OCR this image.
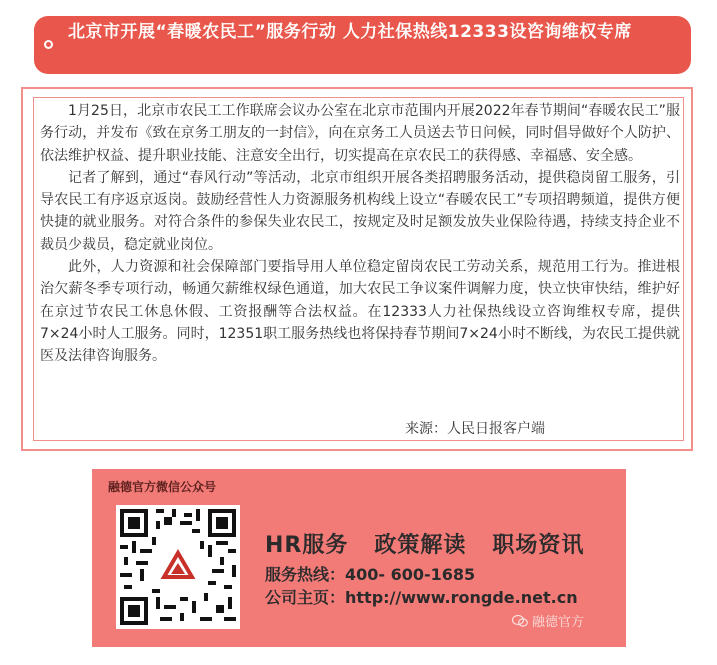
北京市开展“春暖农民工”服务行动 人力社保热线12333设咨询维权专席

1月25日，北京市农民工工作联席会议办公室在北京市范围内开展2022年春节期间“春暖农民工”服务行动，并发布《致在京务工朋友的一封信》，向在京务工人员送去节日问候，同时倡导做好个人防护、依法维护权益、提升职业技能、注意安全出行，切实提高在京农民工的获得感、幸福感、安全感。

记者了解到，通过“春风行动”等活动，北京市组织开展各类招聘服务活动，提供稳岗留工服务，引导农民工有序返京返岗。鼓励经营性人力资源服务机构线上设立“春暖农民工”专项招聘频道，提供方便快捷的就业服务。对符合条件的参保失业农民工，按规定及时足额发放失业保险待遇，持续支持企业不裁员少裁员，稳定就业岗位。

此外，人力资源和社会保障部门要指导用人单位稳定留岗农民工劳动关系，规范用工行为。推进根治欠薪冬季专项行动，畅通欠薪维权绿色通道，加大农民工争议案件调解力度，快立快审快结，维护好在京过节农民工休息休假、工资报酬等合法权益。在12333人力社保热线设立咨询维权专席，提供7×24小时人工服务。同时，12351职工服务热线也将保持春节期间7×24小时不断线，为农民工提供就医及法律咨询服务。

来源：人民日报客户端
融德官方微信公众号
HR服务 政策解读 职场资讯
服务热线：400- 600-1685
公司主页：http://www.rongde.net.cn
融德官方
